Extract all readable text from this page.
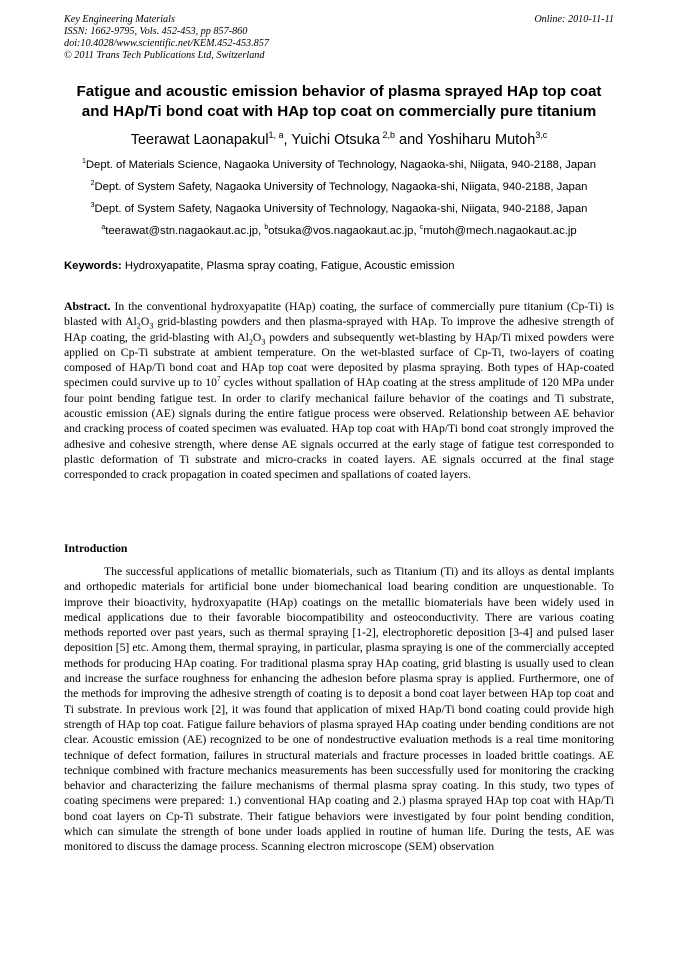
Key Engineering Materials
ISSN: 1662-9795, Vols. 452-453, pp 857-860
doi:10.4028/www.scientific.net/KEM.452-453.857
© 2011 Trans Tech Publications Ltd, Switzerland
Online: 2010-11-11
Fatigue and acoustic emission behavior of plasma sprayed HAp top coat
and HAp/Ti bond coat with HAp top coat on commercially pure titanium
Teerawat Laonapakul$^{1, a}$, Yuichi Otsuka $^{2,b}$ and Yoshiharu Mutoh$^{3,c}$
$^1$Dept. of Materials Science, Nagaoka University of Technology, Nagaoka-shi, Niigata, 940-2188, Japan
$^2$Dept. of System Safety, Nagaoka University of Technology, Nagaoka-shi, Niigata, 940-2188, Japan
$^3$Dept. of System Safety, Nagaoka University of Technology, Nagaoka-shi, Niigata, 940-2188, Japan
$^a$teerawat@stn.nagaokaut.ac.jp, $^b$otsuka@vos.nagaokaut.ac.jp, $^c$mutoh@mech.nagaokaut.ac.jp
Keywords: Hydroxyapatite, Plasma spray coating, Fatigue, Acoustic emission
Abstract. In the conventional hydroxyapatite (HAp) coating, the surface of commercially pure titanium (Cp-Ti) is blasted with $Al_2O_3$ grid-blasting powders and then plasma-sprayed with HAp. To improve the adhesive strength of HAp coating, the grid-blasting with $Al_2O_3$ powders and subsequently wet-blasting by HAp/Ti mixed powders were applied on Cp-Ti substrate at ambient temperature. On the wet-blasted surface of Cp-Ti, two-layers of coating composed of HAp/Ti bond coat and HAp top coat were deposited by plasma spraying. Both types of HAp-coated specimen could survive up to $10^7$ cycles without spallation of HAp coating at the stress amplitude of 120 MPa under four point bending fatigue test. In order to clarify mechanical failure behavior of the coatings and Ti substrate, acoustic emission (AE) signals during the entire fatigue process were observed. Relationship between AE behavior and cracking process of coated specimen was evaluated. HAp top coat with HAp/Ti bond coat strongly improved the adhesive and cohesive strength, where dense AE signals occurred at the early stage of fatigue test corresponded to plastic deformation of Ti substrate and micro-cracks in coated layers. AE signals occurred at the final stage corresponded to crack propagation in coated specimen and spallations of coated layers.
Introduction
The successful applications of metallic biomaterials, such as Titanium (Ti) and its alloys as dental implants and orthopedic materials for artificial bone under biomechanical load bearing condition are unquestionable. To improve their bioactivity, hydroxyapatite (HAp) coatings on the metallic biomaterials have been widely used in medical applications due to their favorable biocompatibility and osteoconductivity. There are various coating methods reported over past years, such as thermal spraying [1-2], electrophoretic deposition [3-4] and pulsed laser deposition [5] etc. Among them, thermal spraying, in particular, plasma spraying is one of the commercially accepted methods for producing HAp coating. For traditional plasma spray HAp coating, grid blasting is usually used to clean and increase the surface roughness for enhancing the adhesion before plasma spray is applied. Furthermore, one of the methods for improving the adhesive strength of coating is to deposit a bond coat layer between HAp top coat and Ti substrate. In previous work [2], it was found that application of mixed HAp/Ti bond coating could provide high strength of HAp top coat. Fatigue failure behaviors of plasma sprayed HAp coating under bending conditions are not clear. Acoustic emission (AE) recognized to be one of nondestructive evaluation methods is a real time monitoring technique of defect formation, failures in structural materials and fracture processes in loaded brittle coatings. AE technique combined with fracture mechanics measurements has been successfully used for monitoring the cracking behavior and characterizing the failure mechanisms of thermal plasma spray coating. In this study, two types of coating specimens were prepared: 1.) conventional HAp coating and 2.) plasma sprayed HAp top coat with HAp/Ti bond coat layers on Cp-Ti substrate. Their fatigue behaviors were investigated by four point bending condition, which can simulate the strength of bone under loads applied in routine of human life. During the tests, AE was monitored to discuss the damage process. Scanning electron microscope (SEM) observation
